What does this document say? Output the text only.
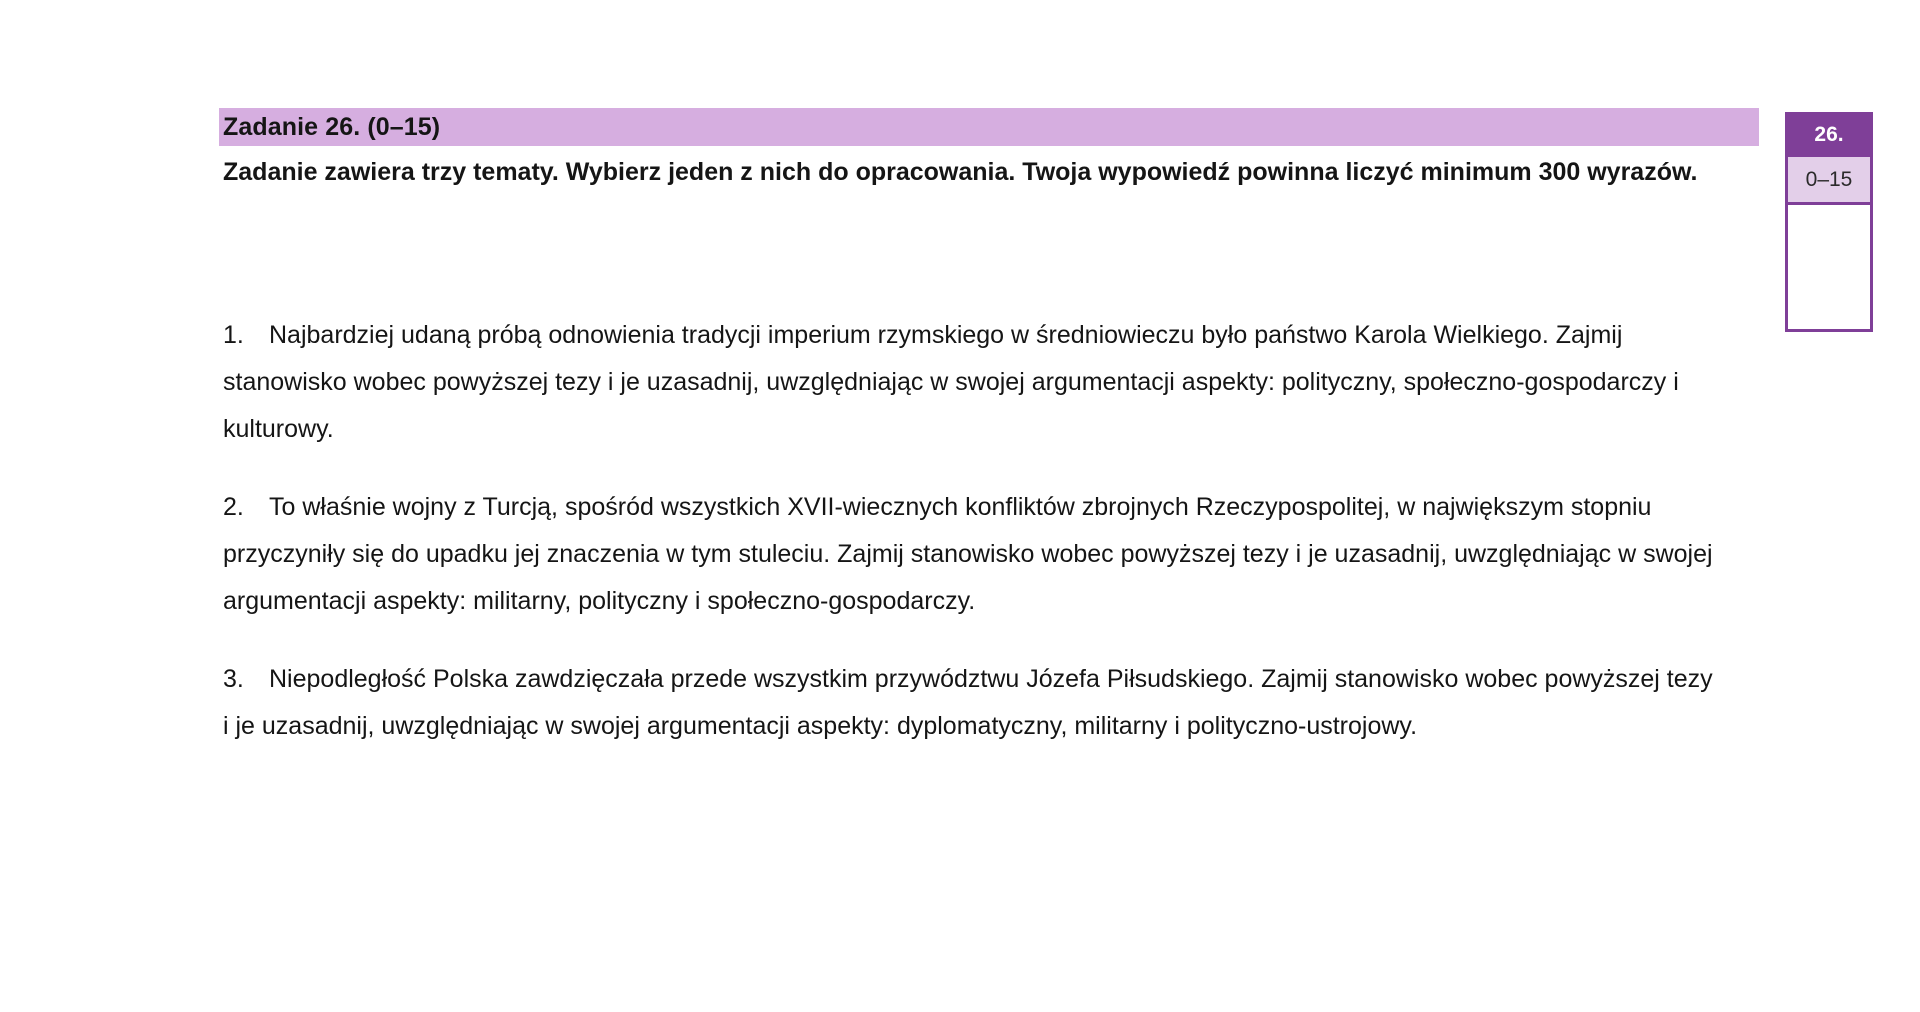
Zadanie 26. (0–15)
Zadanie zawiera trzy tematy. Wybierz jeden z nich do opracowania. Twoja wypowiedź powinna liczyć minimum 300 wyrazów.
1.	Najbardziej udaną próbą odnowienia tradycji imperium rzymskiego w średniowieczu było państwo Karola Wielkiego. Zajmij stanowisko wobec powyższej tezy i je uzasadnij, uwzględniając w swojej argumentacji aspekty: polityczny, społeczno-gospodarczy i kulturowy.
2.	To właśnie wojny z Turcją, spośród wszystkich XVII-wiecznych konfliktów zbrojnych Rzeczypospolitej, w największym stopniu przyczyniły się do upadku jej znaczenia w tym stuleciu. Zajmij stanowisko wobec powyższej tezy i je uzasadnij, uwzględniając w swojej argumentacji aspekty: militarny, polityczny i społeczno-gospodarczy.
3.	Niepodległość Polska zawdzięczała przede wszystkim przywództwu Józefa Piłsudskiego. Zajmij stanowisko wobec powyższej tezy i je uzasadnij, uwzględniając w swojej argumentacji aspekty: dyplomatyczny, militarny i polityczno-ustrojowy.
26.
0–15
